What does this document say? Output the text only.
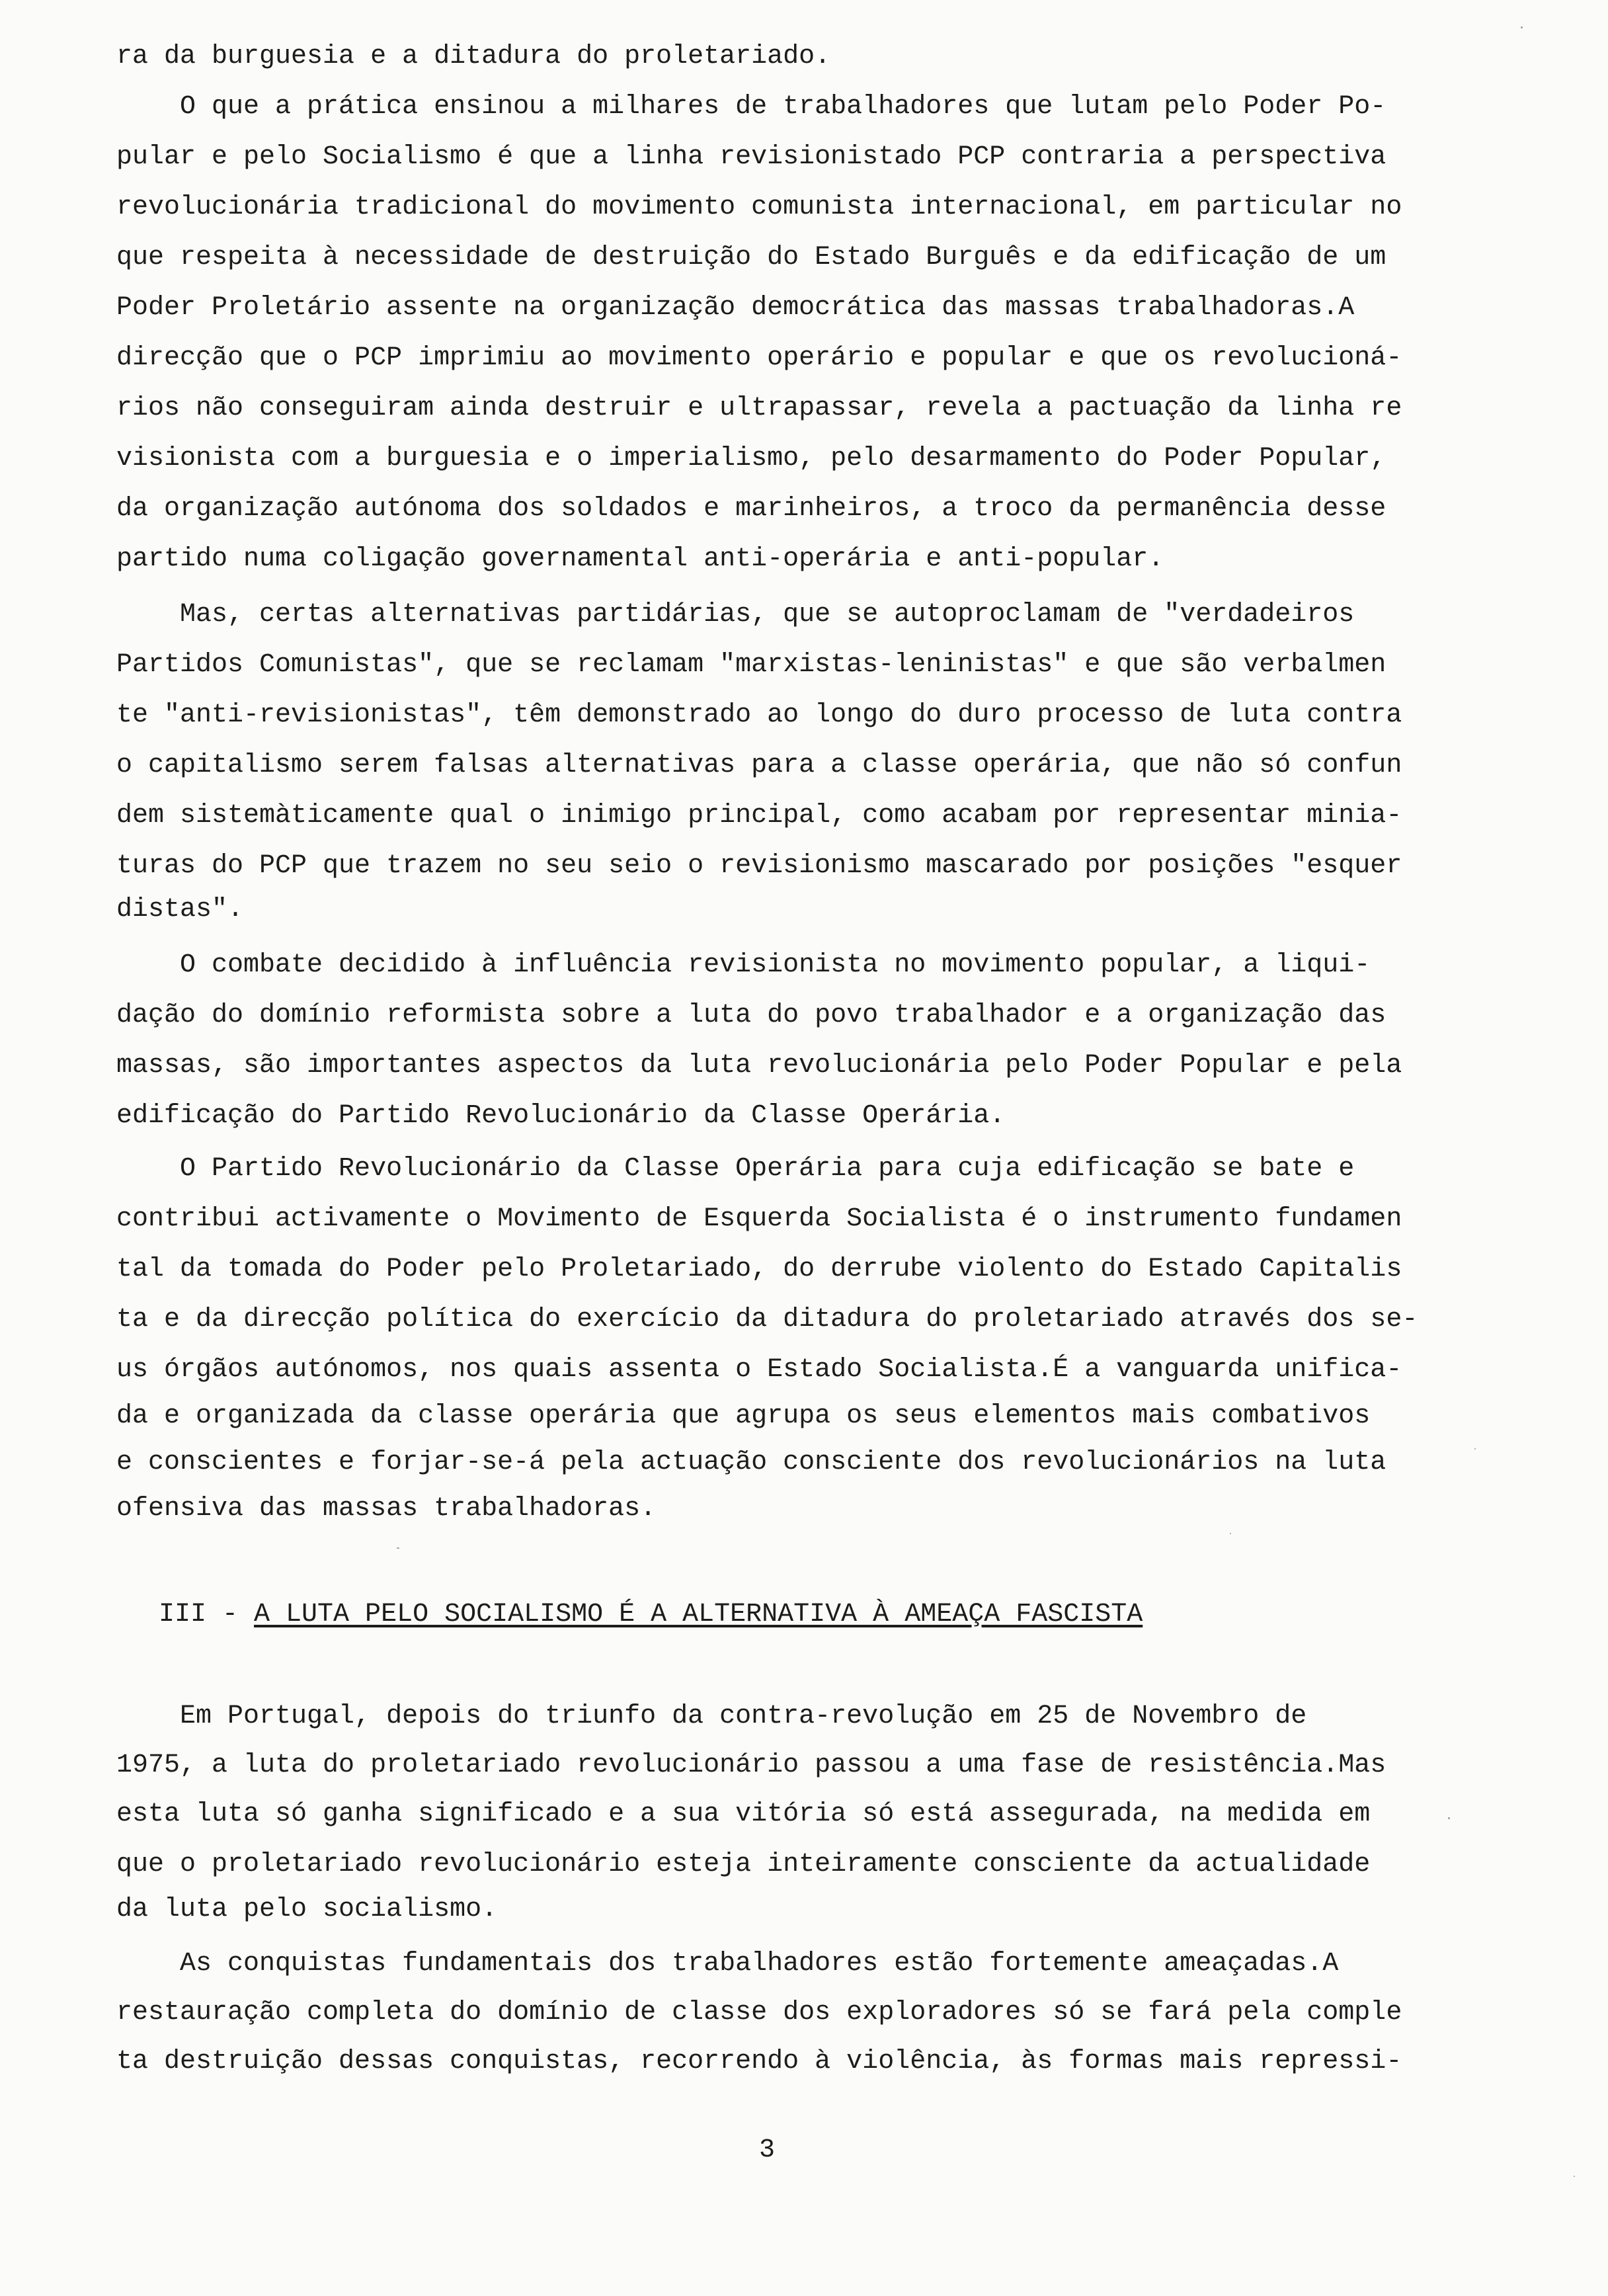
ra da burguesia e a ditadura do proletariado.
O que a prática ensinou a milhares de trabalhadores que lutam pelo Poder Po-
pular e pelo Socialismo é que a linha revisionistado PCP contraria a perspectiva
revolucionária tradicional do movimento comunista internacional, em particular no
que respeita à necessidade de destruição do Estado Burguês e da edificação de um
Poder Proletário assente na organização democrática das massas trabalhadoras.A
direcção que o PCP imprimiu ao movimento operário e popular e que os revolucioná-
rios não conseguiram ainda destruir e ultrapassar, revela a pactuação da linha re
visionista com a burguesia e o imperialismo, pelo desarmamento do Poder Popular,
da organização autónoma dos soldados e marinheiros, a troco da permanência desse
partido numa coligação governamental anti-operária e anti-popular.
Mas, certas alternativas partidárias, que se autoproclamam de "verdadeiros
Partidos Comunistas", que se reclamam "marxistas-leninistas" e que são verbalmen
te "anti-revisionistas", têm demonstrado ao longo do duro processo de luta contra
o capitalismo serem falsas alternativas para a classe operária, que não só confun
dem sistemàticamente qual o inimigo principal, como acabam por representar minia-
turas do PCP que trazem no seu seio o revisionismo mascarado por posições "esquer
distas".
O combate decidido à influência revisionista no movimento popular, a liqui-
dação do domínio reformista sobre a luta do povo trabalhador e a organização das
massas, são importantes aspectos da luta revolucionária pelo Poder Popular e pela
edificação do Partido Revolucionário da Classe Operária.
O Partido Revolucionário da Classe Operária para cuja edificação se bate e
contribui activamente o Movimento de Esquerda Socialista é o instrumento fundamen
tal da tomada do Poder pelo Proletariado, do derrube violento do Estado Capitalis
ta e da direcção política do exercício da ditadura do proletariado através dos se-
us órgãos autónomos, nos quais assenta o Estado Socialista.É a vanguarda unifica-
da e organizada da classe operária que agrupa os seus elementos mais combativos
e conscientes e forjar-se-á pela actuação consciente dos revolucionários na luta
ofensiva das massas trabalhadoras.
III - A LUTA PELO SOCIALISMO É A ALTERNATIVA À AMEAÇA FASCISTA
Em Portugal, depois do triunfo da contra-revolução em 25 de Novembro de
1975, a luta do proletariado revolucionário passou a uma fase de resistência.Mas
esta luta só ganha significado e a sua vitória só está assegurada, na medida em
que o proletariado revolucionário esteja inteiramente consciente da actualidade
da luta pelo socialismo.
As conquistas fundamentais dos trabalhadores estão fortemente ameaçadas.A
restauração completa do domínio de classe dos exploradores só se fará pela comple
ta destruição dessas conquistas, recorrendo à violência, às formas mais repressi-
3
